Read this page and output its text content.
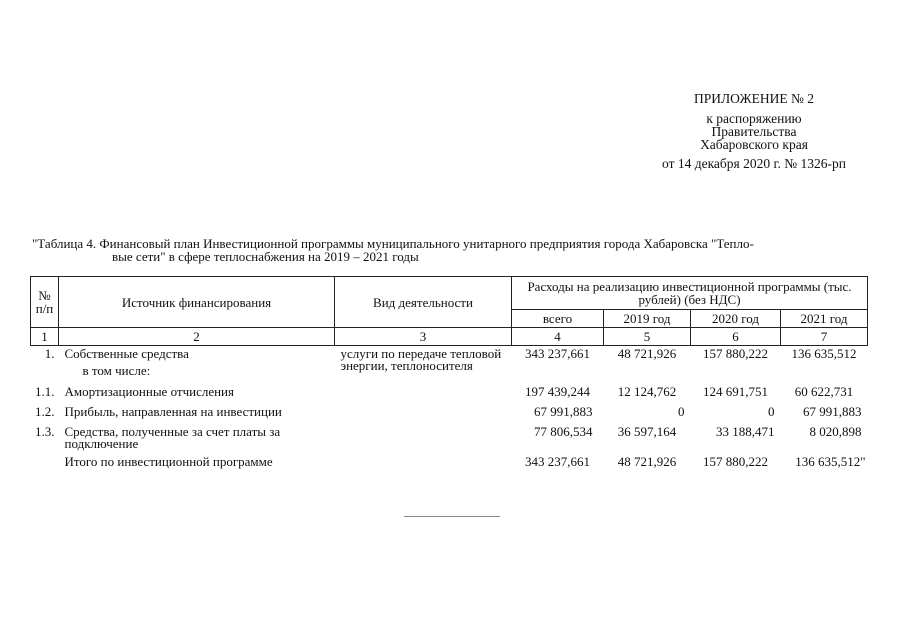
ПРИЛОЖЕНИЕ № 2
к распоряжению
Правительства
Хабаровского края
от 14 декабря 2020 г. № 1326-рп
"Таблица 4. Финансовый план Инвестиционной программы муниципального унитарного предприятия города Хабаровска "Тепло-
вые сети" в сфере теплоснабжения на 2019 – 2021 годы
№ п/п	Источник финансирования	Вид деятельности	Расходы на реализацию инвестиционной программы (тыс. рублей) (без НДС)			
			всего	2019 год	2020 год	2021 год
1	2	3	4	5	6	7
1.	Собственные средства	услуги по передаче тепловой энергии, теплоносителя	343 237,661	48 721,926	157 880,222	136 635,512
	в том числе:					
1.1.	Амортизационные отчисления		197 439,244	12 124,762	124 691,751	60 622,731
1.2.	Прибыль, направленная на инвестиции		67 991,883	0	0	67 991,883
1.3.	Средства, полученные за счет платы за подключение		77 806,534	36 597,164	33 188,471	8 020,898
	Итого по инвестиционной программе		343 237,661	48 721,926	157 880,222	136 635,512"
